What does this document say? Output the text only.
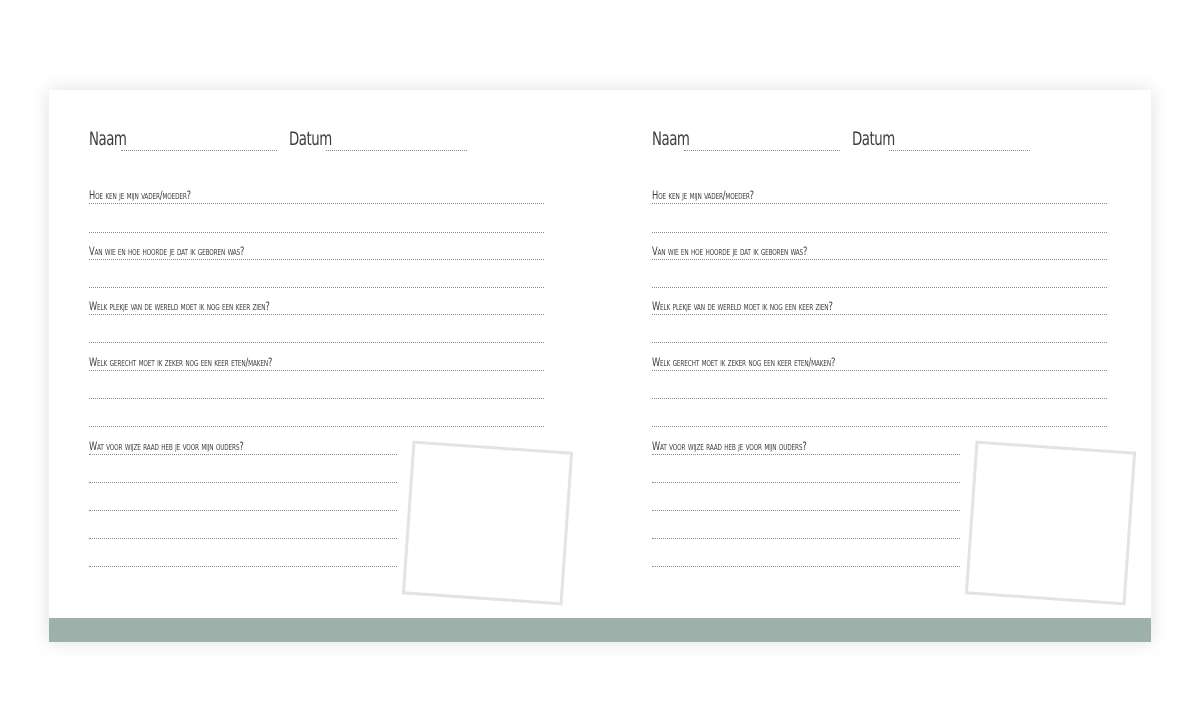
Naam	Datum
Hoe ken je mijn vader/moeder?
Van wie en hoe hoorde je dat ik geboren was?
Welk plekje van de wereld moet ik nog een keer zien?
Welk gerecht moet ik zeker nog een keer eten/maken?
Wat voor wijze raad heb je voor mijn ouders?
Naam	Datum
Hoe ken je mijn vader/moeder?
Van wie en hoe hoorde je dat ik geboren was?
Welk plekje van de wereld moet ik nog een keer zien?
Welk gerecht moet ik zeker nog een keer eten/maken?
Wat voor wijze raad heb je voor mijn ouders?
